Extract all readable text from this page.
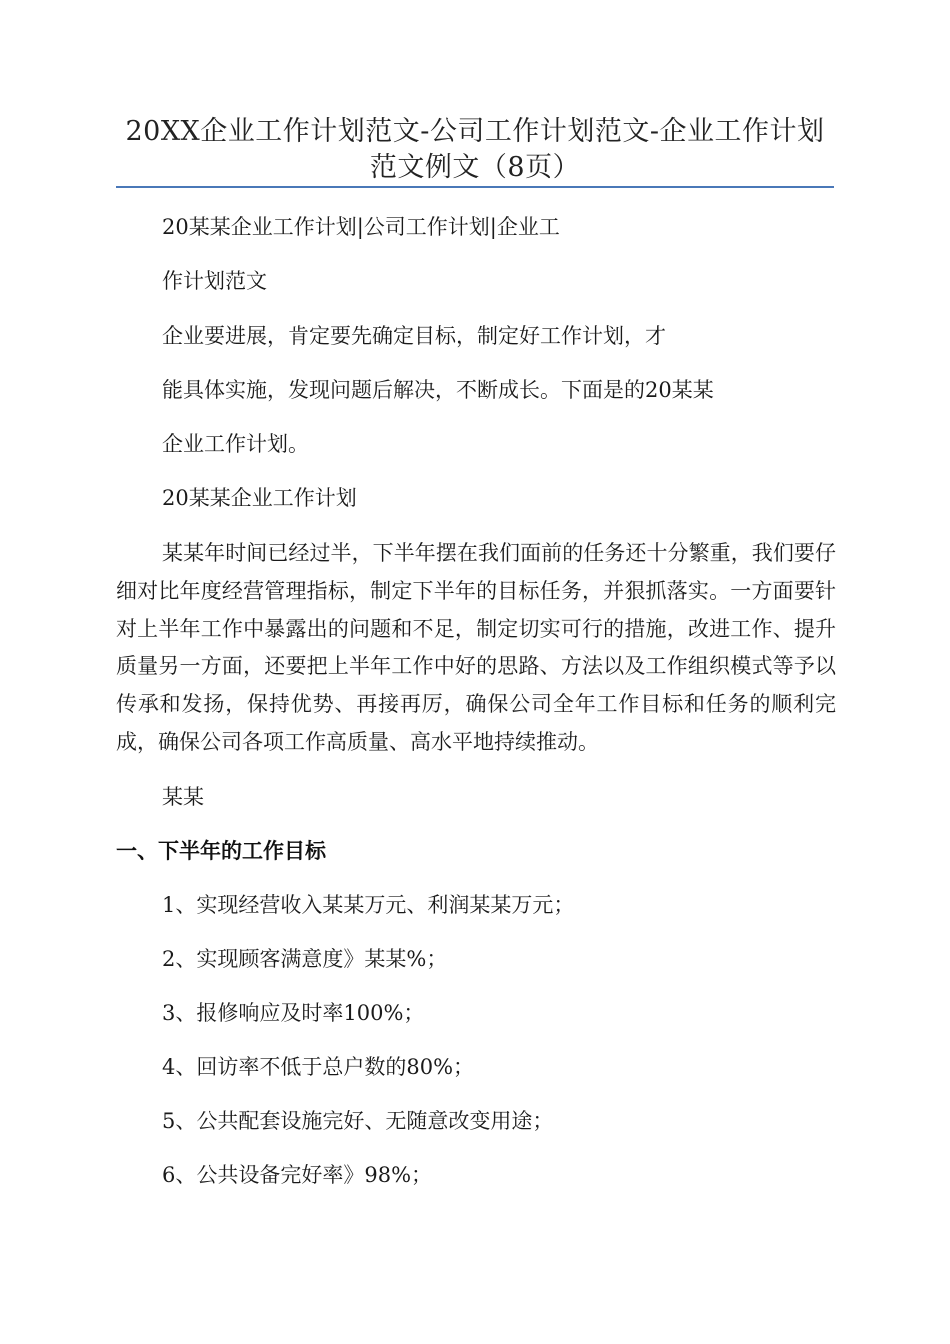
20XX企业工作计划范文-公司工作计划范文-企业工作计划范文例文（8页）
20某某企业工作计划|公司工作计划|企业工
作计划范文
企业要进展，肯定要先确定目标，制定好工作计划，才
能具体实施，发现问题后解决，不断成长。下面是的20某某
企业工作计划。
20某某企业工作计划
某某年时间已经过半，下半年摆在我们面前的任务还十分繁重，我们要仔细对比年度经营管理指标，制定下半年的目标任务，并狠抓落实。一方面要针对上半年工作中暴露出的问题和不足，制定切实可行的措施，改进工作、提升质量另一方面，还要把上半年工作中好的思路、方法以及工作组织模式等予以传承和发扬，保持优势、再接再厉，确保公司全年工作目标和任务的顺利完成，确保公司各项工作高质量、高水平地持续推动。
某某
一、下半年的工作目标
1、实现经营收入某某万元、利润某某万元；
2、实现顾客满意度》某某%；
3、报修响应及时率100%；
4、回访率不低于总户数的80%；
5、公共配套设施完好、无随意改变用途；
6、公共设备完好率》98%；
